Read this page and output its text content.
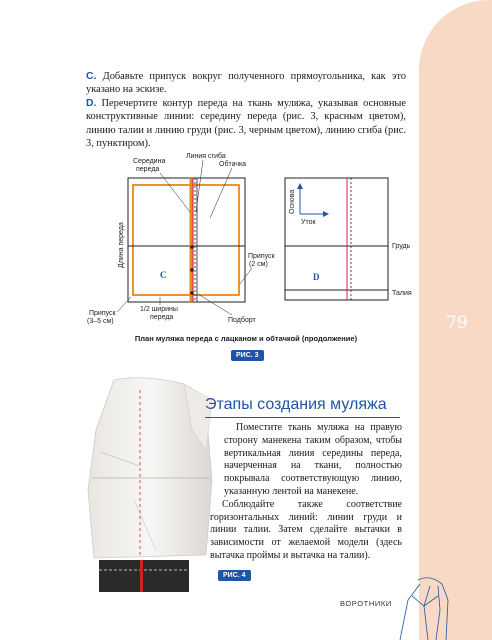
79

C. Добавьте припуск вокруг полученного прямоугольника, как это указано на эскизе.

D. Перечертите контур переда на ткань муляжа, указывая основные конструктивные линии: середину переда (рис. 3, красным цветом), линию талии и линию груди (рис. 3, черным цветом), линию сгиба (рис. 3, пунктиром).

C
Середина
переда
Линия сгиба
Обтачка
Длина переда	Припуск
(2 см)
Припуск
(3–5 см)
1/2 ширины
переда	Подборт
D
Основа
Уток
Грудь
Талия
План муляжа переда с лацканом и обтачкой (продолжение)
РИС. 3
РИС. 4
Этапы создания муляжа

Поместите ткань муляжа на правую сторону манекена таким образом, чтобы вертикальная линия середины переда, начерченная на ткани, полностью покрывала соответствующую линию, указанную лентой на манекене.

Соблюдайте также соответствие горизонтальных линий: линии груди и линии талии. Затем сделайте вытачки в зависимости от желаемой модели (здесь вытачка проймы и вытачка на талии).

ВОРОТНИКИ
